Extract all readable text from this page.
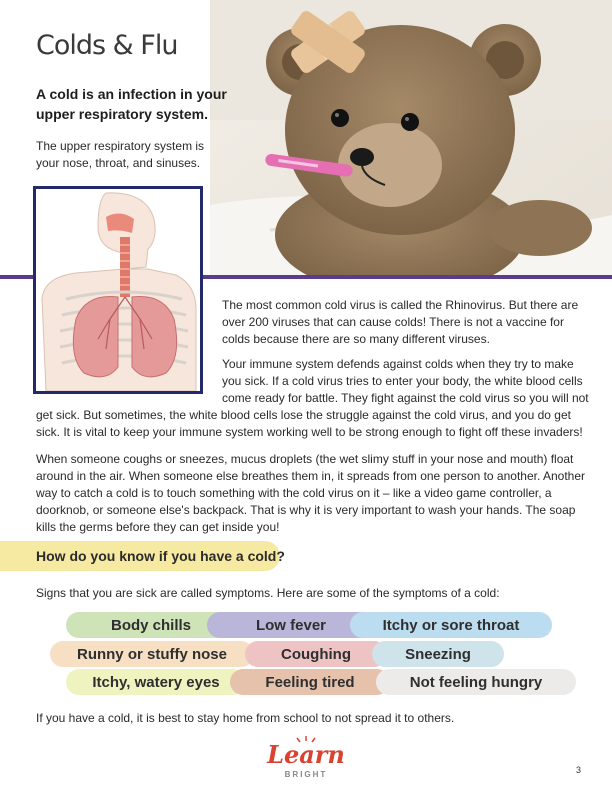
Colds & Flu
A cold is an infection in your upper respiratory system.
The upper respiratory system is your nose, throat, and sinuses.
The most common cold virus is called the Rhinovirus. But there are over 200 viruses that can cause colds! There is not a vaccine for colds because there are so many different viruses.
Your immune system defends against colds when they try to make you sick. If a cold virus tries to enter your body, the white blood cells come ready for battle. They fight against the cold virus so you will not
get sick. But sometimes, the white blood cells lose the struggle against the cold virus, and you do get sick. It is vital to keep your immune system working well to be strong enough to fight off these invaders!
When someone coughs or sneezes, mucus droplets (the wet slimy stuff in your nose and mouth) float around in the air. When someone else breathes them in, it spreads from one person to another. Another way to catch a cold is to touch something with the cold virus on it – like a video game controller, a doorknob, or someone else's backpack. That is why it is very important to wash your hands. The soap kills the germs before they can get inside you!
How do you know if you have a cold?
Signs that you are sick are called symptoms. Here are some of the symptoms of a cold:
Body chills	Low fever	Itchy or sore throat
Runny or stuffy nose	Coughing	Sneezing
Itchy, watery eyes	Feeling tired	Not feeling hungry
If you have a cold, it is best to stay home from school to not spread it to others.
Learn
BRIGHT	3
